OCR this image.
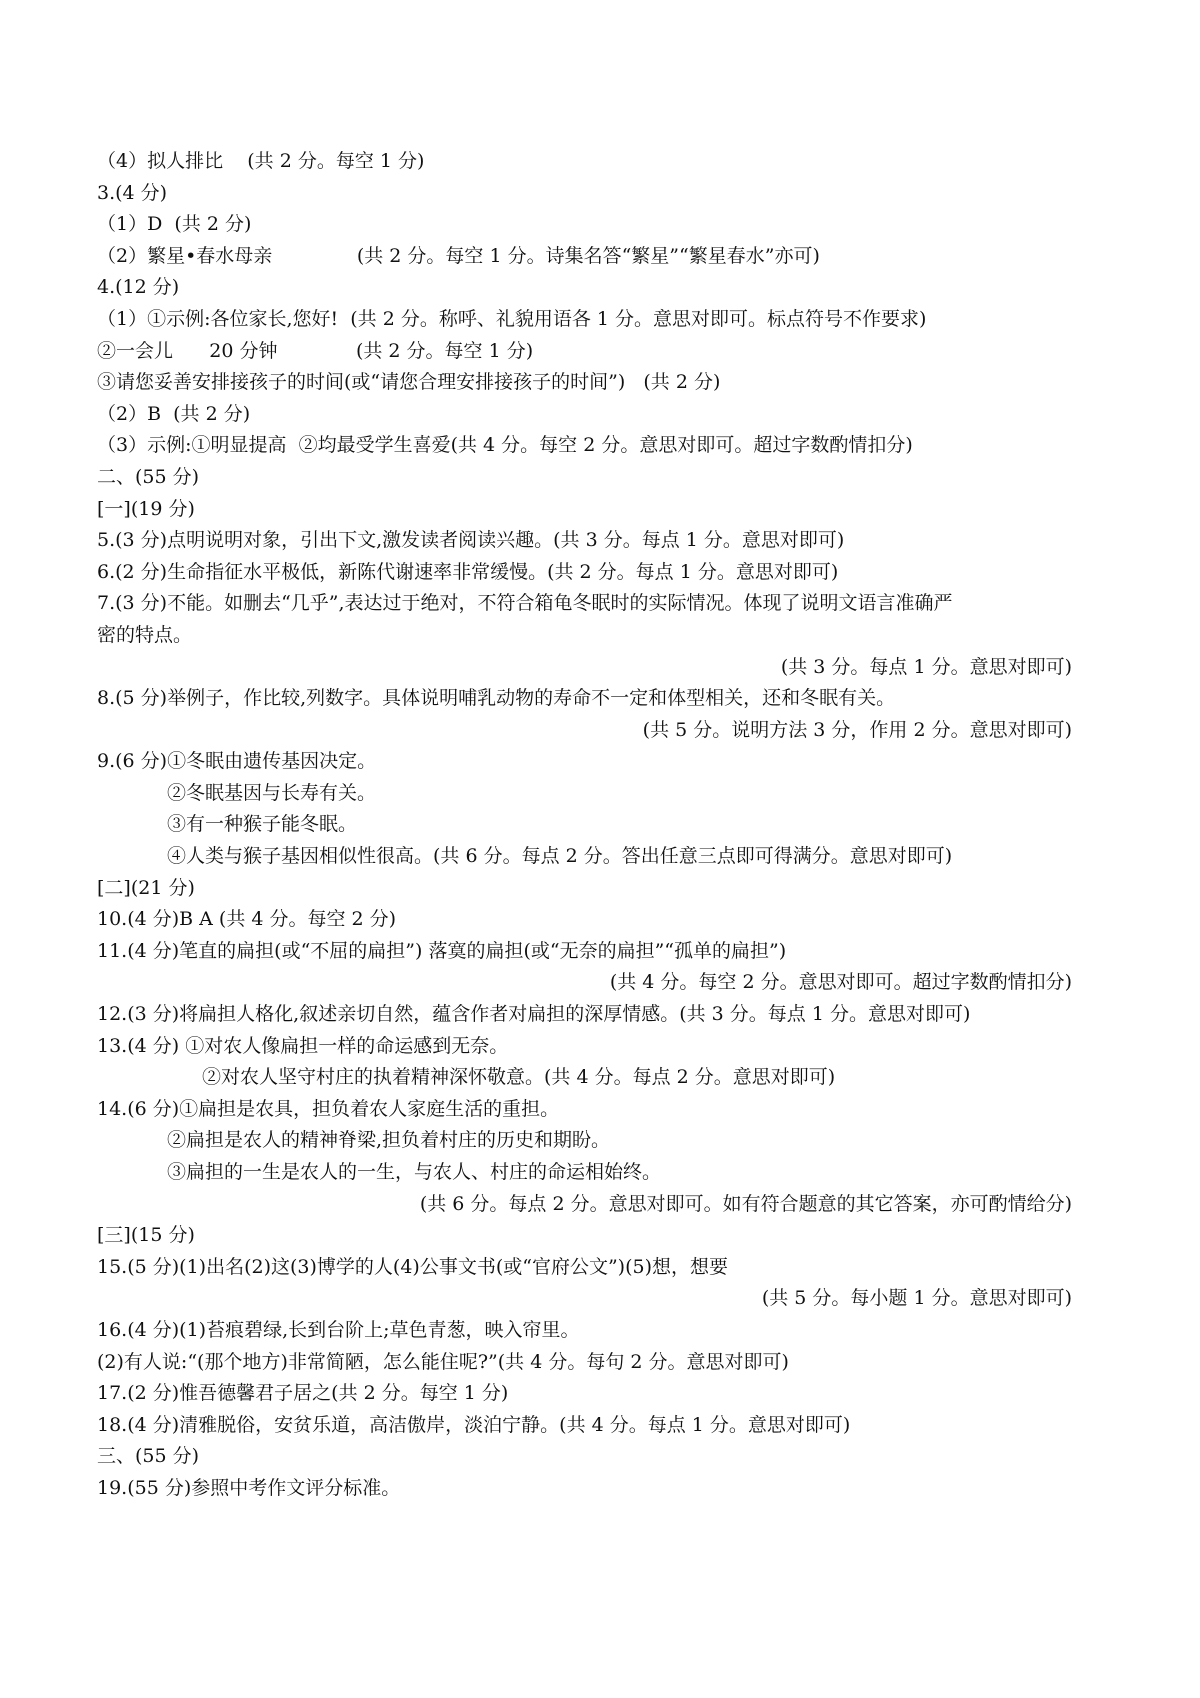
（4）拟人排比    (共 2 分。每空 1 分)
3.(4 分)
（1）D  (共 2 分)
（2）繁星•春水母亲              (共 2 分。每空 1 分。诗集名答“繁星”“繁星春水”亦可)
4.(12 分)
（1）①示例:各位家长,您好!  (共 2 分。称呼、礼貌用语各 1 分。意思对即可。标点符号不作要求)
②一会儿      20 分钟             (共 2 分。每空 1 分)
③请您妥善安排接孩子的时间(或“请您合理安排接孩子的时间”)   (共 2 分)
（2）B  (共 2 分)
（3）示例:①明显提高  ②均最受学生喜爱(共 4 分。每空 2 分。意思对即可。超过字数酌情扣分)
二、(55 分)
[一](19 分)
5.(3 分)点明说明对象，引出下文,激发读者阅读兴趣。(共 3 分。每点 1 分。意思对即可)
6.(2 分)生命指征水平极低，新陈代谢速率非常缓慢。(共 2 分。每点 1 分。意思对即可)
7.(3 分)不能。如删去“几乎”,表达过于绝对，不符合箱龟冬眠时的实际情况。体现了说明文语言准确严
密的特点。
(共 3 分。每点 1 分。意思对即可)
8.(5 分)举例子，作比较,列数字。具体说明哺乳动物的寿命不一定和体型相关，还和冬眠有关。
(共 5 分。说明方法 3 分，作用 2 分。意思对即可)
9.(6 分)①冬眠由遗传基因决定。
②冬眠基因与长寿有关。
③有一种猴子能冬眠。
④人类与猴子基因相似性很高。(共 6 分。每点 2 分。答出任意三点即可得满分。意思对即可)
[二](21 分)
10.(4 分)B A (共 4 分。每空 2 分)
11.(4 分)笔直的扁担(或“不屈的扁担”) 落寞的扁担(或“无奈的扁担”“孤单的扁担”)
(共 4 分。每空 2 分。意思对即可。超过字数酌情扣分)
12.(3 分)将扁担人格化,叙述亲切自然，蕴含作者对扁担的深厚情感。(共 3 分。每点 1 分。意思对即可)
13.(4 分) ①对农人像扁担一样的命运感到无奈。
②对农人坚守村庄的执着精神深怀敬意。(共 4 分。每点 2 分。意思对即可)
14.(6 分)①扁担是农具，担负着农人家庭生活的重担。
②扁担是农人的精神脊梁,担负着村庄的历史和期盼。
③扁担的一生是农人的一生，与农人、村庄的命运相始终。
(共 6 分。每点 2 分。意思对即可。如有符合题意的其它答案，亦可酌情给分)
[三](15 分)
15.(5 分)(1)出名(2)这(3)博学的人(4)公事文书(或“官府公文”)(5)想，想要
(共 5 分。每小题 1 分。意思对即可)
16.(4 分)(1)苔痕碧绿,长到台阶上;草色青葱，映入帘里。
(2)有人说:“(那个地方)非常简陋，怎么能住呢?”(共 4 分。每句 2 分。意思对即可)
17.(2 分)惟吾德馨君子居之(共 2 分。每空 1 分)
18.(4 分)清雅脱俗，安贫乐道，高洁傲岸，淡泊宁静。(共 4 分。每点 1 分。意思对即可)
三、(55 分)
19.(55 分)参照中考作文评分标准。
